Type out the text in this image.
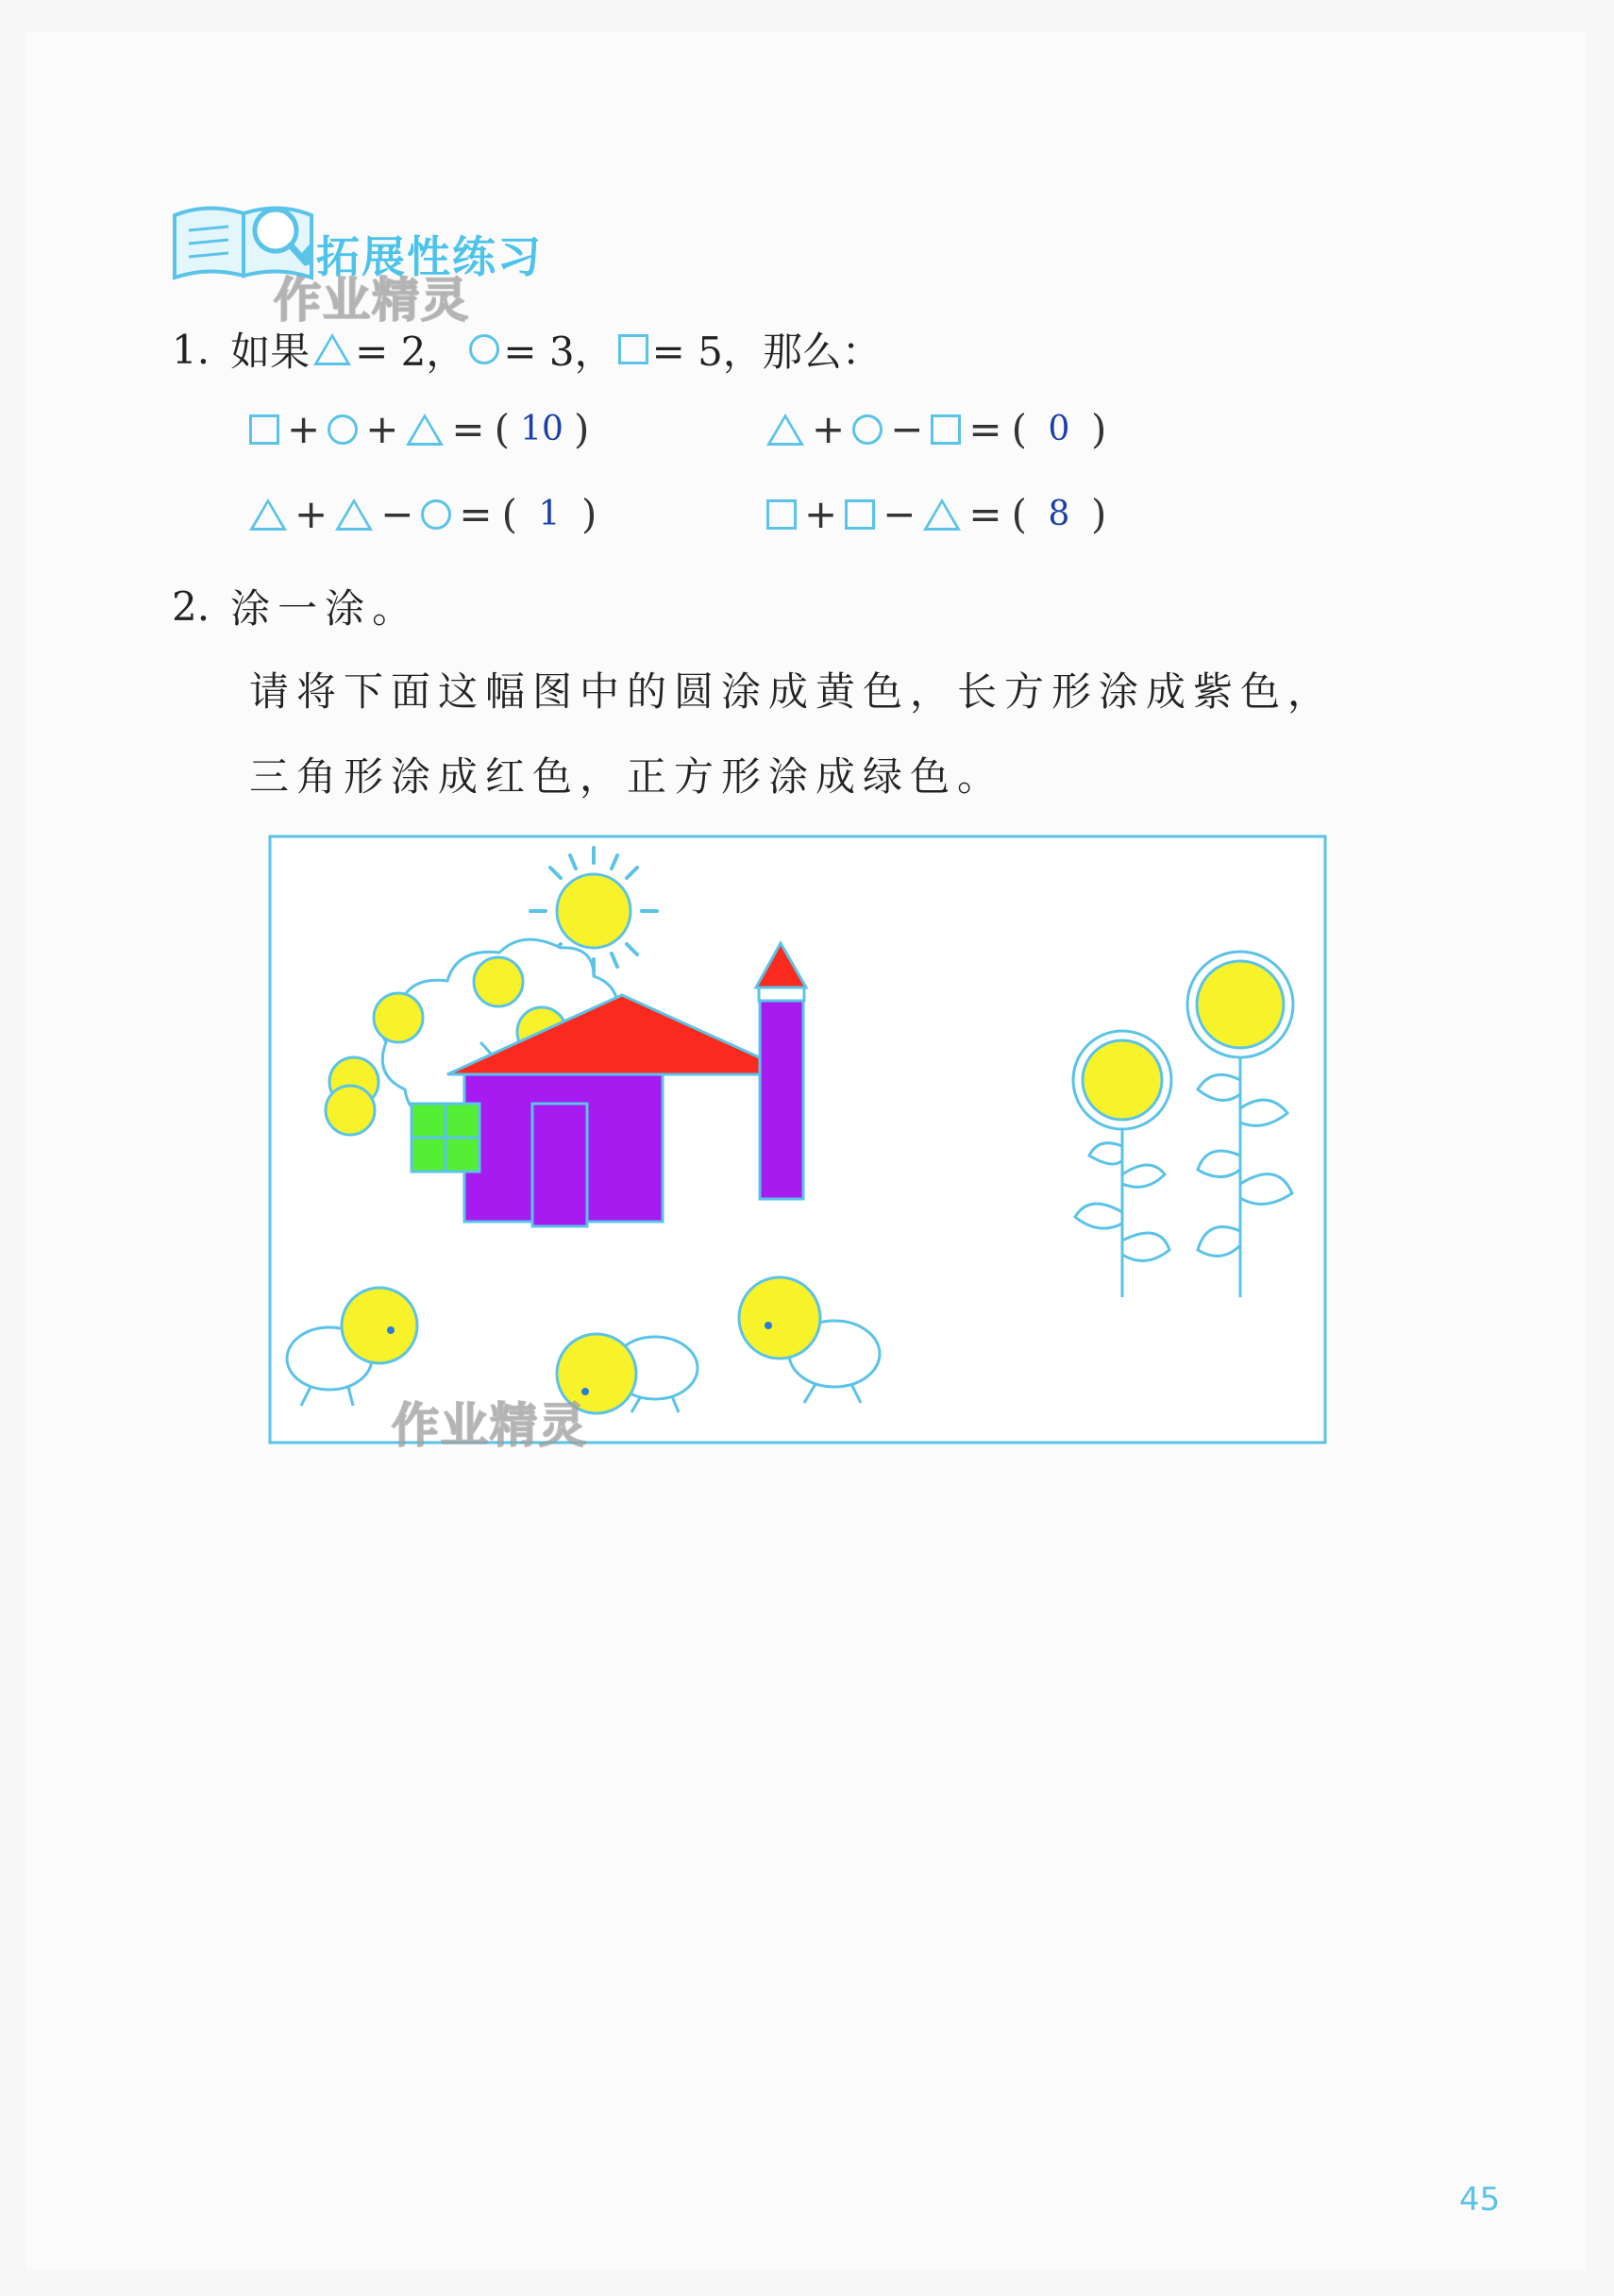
拓展性练习
作业精灵
1. 如果 = 2， = 3， = 5，那么：
+ + = ( 10 )	+ − = ( 0 )
+ − = ( 1 )	+ − = ( 8 )
2. 涂一涂。
请将下面这幅图中的圆涂成黄色，长方形涂成紫色，
三角形涂成红色，正方形涂成绿色。
作业精灵
45
